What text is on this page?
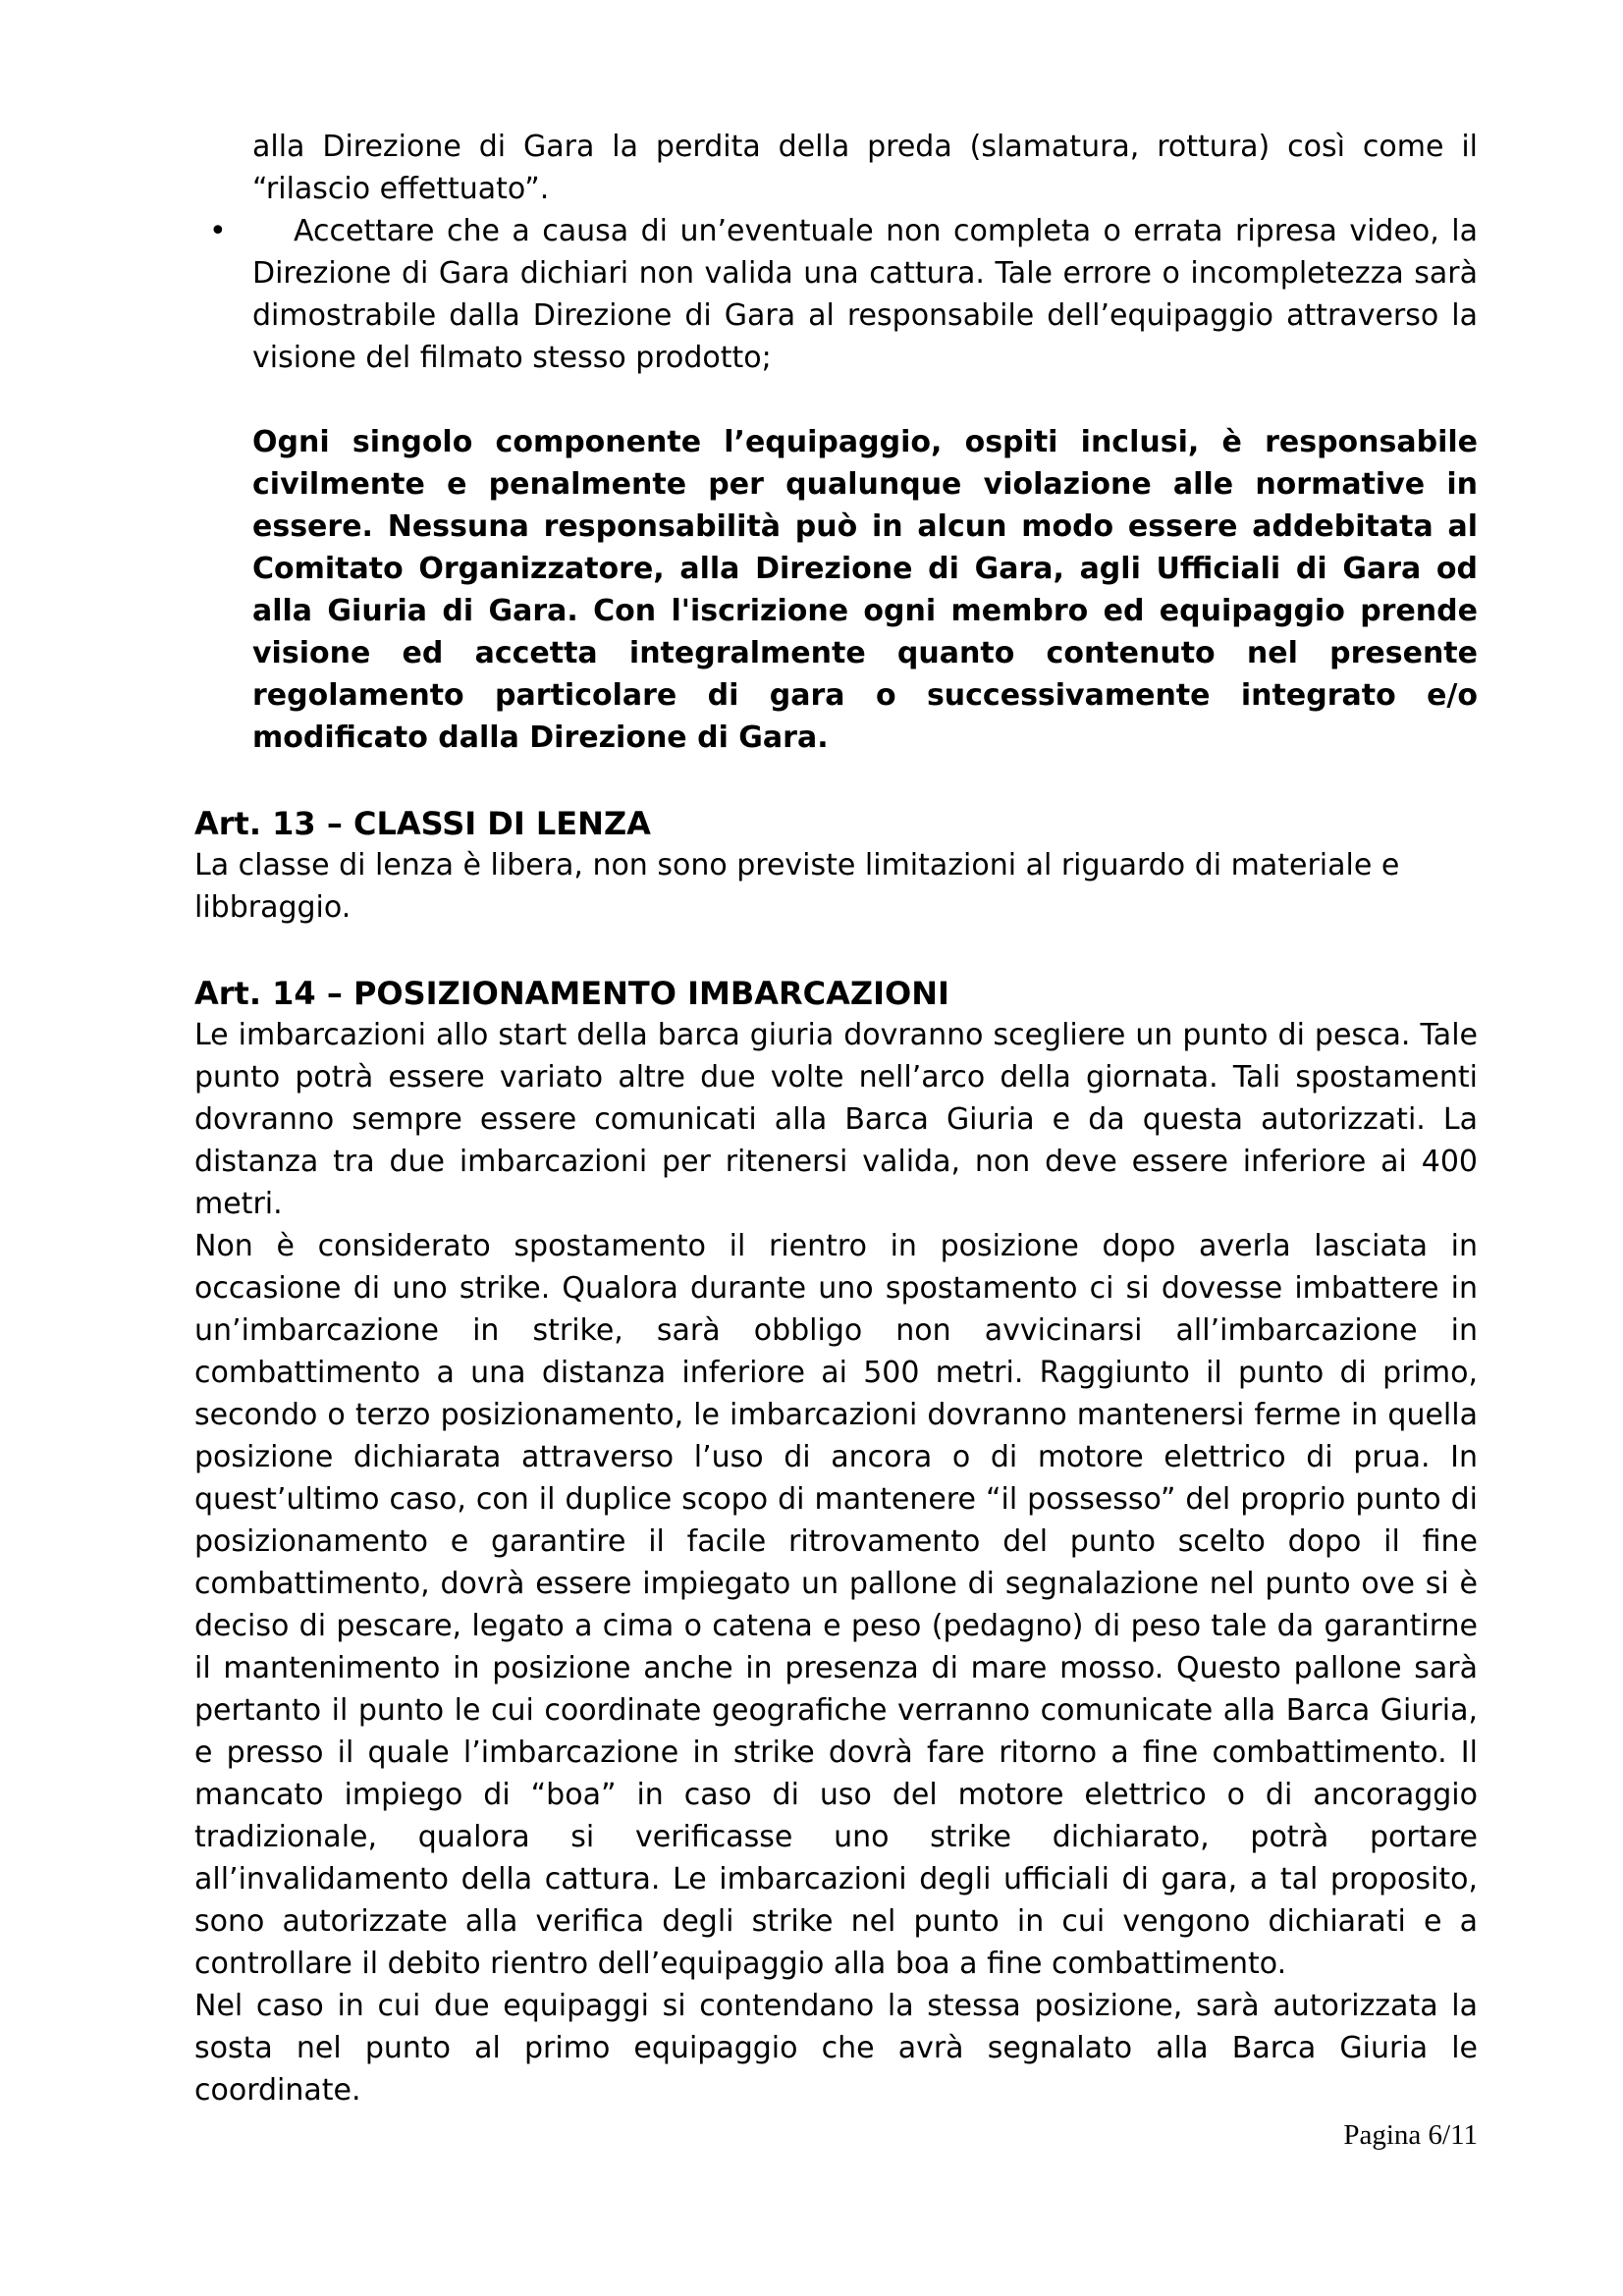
alla Direzione di Gara la perdita della preda (slamatura, rottura) così come il “rilascio effettuato”.

•	Accettare che a causa di un’eventuale non completa o errata ripresa video, la Direzione di Gara dichiari non valida una cattura. Tale errore o incompletezza sarà dimostrabile dalla Direzione di Gara al responsabile dell’equipaggio attraverso la visione del filmato stesso prodotto;

Ogni singolo componente l’equipaggio, ospiti inclusi, è responsabile civilmente e penalmente per qualunque violazione alle normative in essere. Nessuna responsabilità può in alcun modo essere addebitata al Comitato Organizzatore, alla Direzione di Gara, agli Ufficiali di Gara od alla Giuria di Gara. Con l'iscrizione ogni membro ed equipaggio prende visione ed accetta integralmente quanto contenuto nel presente regolamento particolare di gara o successivamente integrato e/o modificato dalla Direzione di Gara.

Art. 13 – CLASSI DI LENZA

La classe di lenza è libera, non sono previste limitazioni al riguardo di materiale e libbraggio.

Art. 14 – POSIZIONAMENTO IMBARCAZIONI

Le imbarcazioni allo start della barca giuria dovranno scegliere un punto di pesca. Tale punto potrà essere variato altre due volte nell’arco della giornata. Tali spostamenti dovranno sempre essere comunicati alla Barca Giuria e da questa autorizzati. La distanza tra due imbarcazioni per ritenersi valida, non deve essere inferiore ai 400 metri.

Non è considerato spostamento il rientro in posizione dopo averla lasciata in occasione di uno strike. Qualora durante uno spostamento ci si dovesse imbattere in un’imbarcazione in strike, sarà obbligo non avvicinarsi all’imbarcazione in combattimento a una distanza inferiore ai 500 metri. Raggiunto il punto di primo, secondo o terzo posizionamento, le imbarcazioni dovranno mantenersi ferme in quella posizione dichiarata attraverso l’uso di ancora o di motore elettrico di prua. In quest’ultimo caso, con il duplice scopo di mantenere “il possesso” del proprio punto di posizionamento e garantire il facile ritrovamento del punto scelto dopo il fine combattimento, dovrà essere impiegato un pallone di segnalazione nel punto ove si è deciso di pescare, legato a cima o catena e peso (pedagno) di peso tale da garantirne il mantenimento in posizione anche in presenza di mare mosso. Questo pallone sarà pertanto il punto le cui coordinate geografiche verranno comunicate alla Barca Giuria, e presso il quale l’imbarcazione in strike dovrà fare ritorno a fine combattimento. Il mancato impiego di “boa” in caso di uso del motore elettrico o di ancoraggio tradizionale, qualora si verificasse uno strike dichiarato, potrà portare all’invalidamento della cattura. Le imbarcazioni degli ufficiali di gara, a tal proposito, sono autorizzate alla verifica degli strike nel punto in cui vengono dichiarati e a controllare il debito rientro dell’equipaggio alla boa a fine combattimento.

Nel caso in cui due equipaggi si contendano la stessa posizione, sarà autorizzata la sosta nel punto al primo equipaggio che avrà segnalato alla Barca Giuria le coordinate.

Pagina 6/11
